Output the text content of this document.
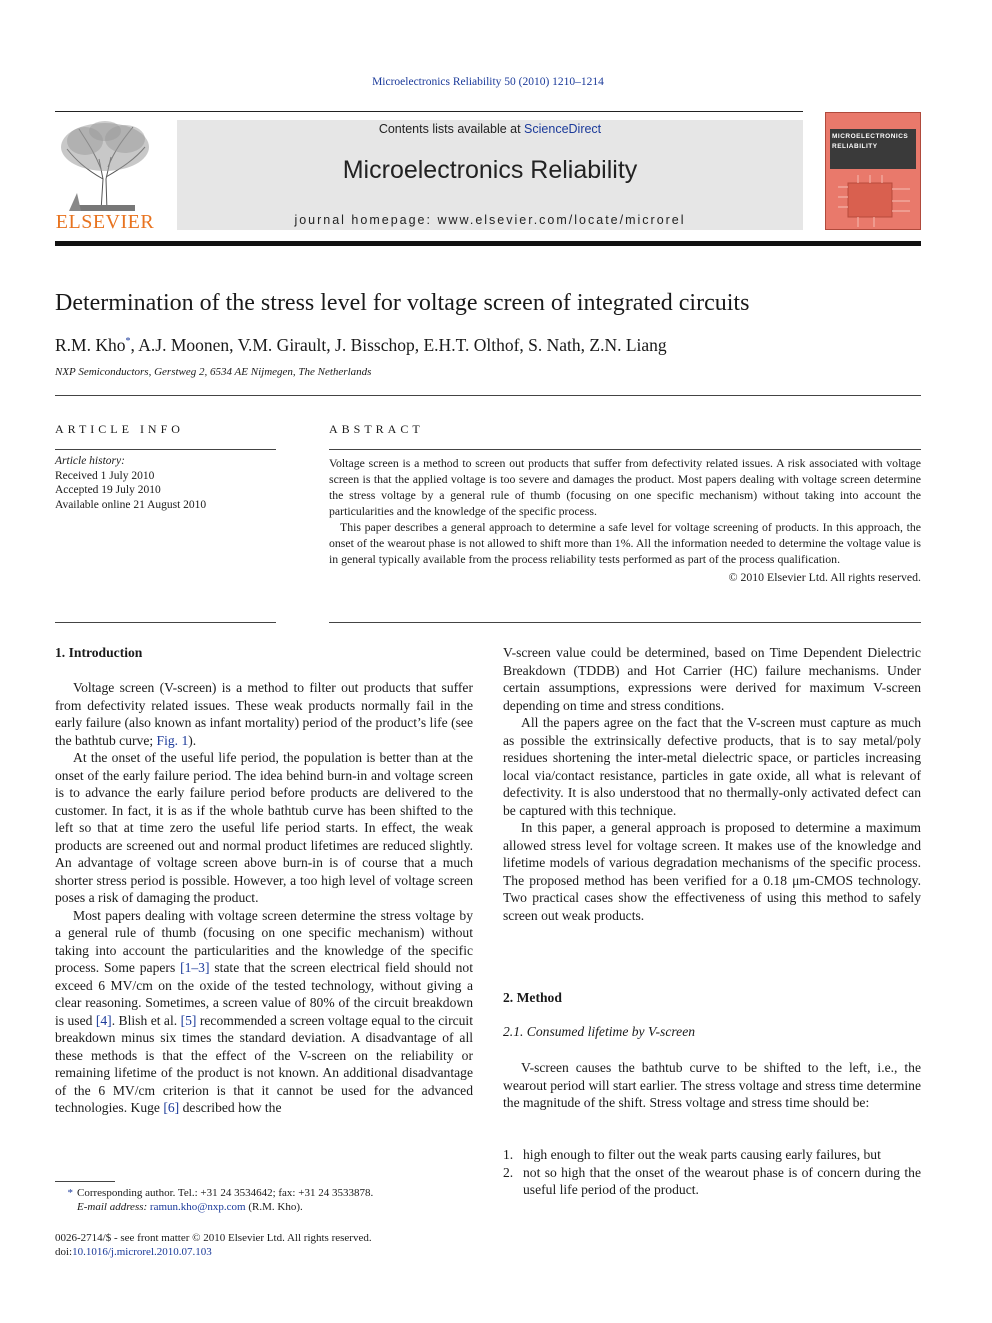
Microelectronics Reliability 50 (2010) 1210–1214
ELSEVIER
Contents lists available at ScienceDirect
Microelectronics Reliability
journal homepage: www.elsevier.com/locate/microrel
MICROELECTRONICS
RELIABILITY
Determination of the stress level for voltage screen of integrated circuits
R.M. Kho*, A.J. Moonen, V.M. Girault, J. Bisschop, E.H.T. Olthof, S. Nath, Z.N. Liang
NXP Semiconductors, Gerstweg 2, 6534 AE Nijmegen, The Netherlands
ARTICLE INFO	ABSTRACT
Article history:
Received 1 July 2010
Accepted 19 July 2010
Available online 21 August 2010

Voltage screen is a method to screen out products that suffer from defectivity related issues. A risk associated with voltage screen is that the applied voltage is too severe and damages the product. Most papers dealing with voltage screen determine the stress voltage by a general rule of thumb (focusing on one specific mechanism) without taking into account the particularities and the knowledge of the specific process.

This paper describes a general approach to determine a safe level for voltage screening of products. In this approach, the onset of the wearout phase is not allowed to shift more than 1%. All the information needed to determine the voltage value is in general typically available from the process reliability tests performed as part of the process qualification.

© 2010 Elsevier Ltd. All rights reserved.
1. Introduction

Voltage screen (V-screen) is a method to filter out products that suffer from defectivity related issues. These weak products normally fail in the early failure (also known as infant mortality) period of the product’s life (see the bathtub curve; Fig. 1).

At the onset of the useful life period, the population is better than at the onset of the early failure period. The idea behind burn-in and voltage screen is to advance the early failure period before products are delivered to the customer. In fact, it is as if the whole bathtub curve has been shifted to the left so that at time zero the useful life period starts. In effect, the weak products are screened out and normal product lifetimes are reduced slightly. An advantage of voltage screen above burn-in is of course that a much shorter stress period is possible. However, a too high level of voltage screen poses a risk of damaging the product.

Most papers dealing with voltage screen determine the stress voltage by a general rule of thumb (focusing on one specific mechanism) without taking into account the particularities and the knowledge of the specific process. Some papers [1–3] state that the screen electrical field should not exceed 6 MV/cm on the oxide of the tested technology, without giving a clear reasoning. Sometimes, a screen value of 80% of the circuit breakdown is used [4]. Blish et al. [5] recommended a screen voltage equal to the circuit breakdown minus six times the standard deviation. A disadvantage of all these methods is that the effect of the V-screen on the reliability or remaining lifetime of the product is not known. An additional disadvantage of the 6 MV/cm criterion is that it cannot be used for the advanced technologies. Kuge [6] described how the

V-screen value could be determined, based on Time Dependent Dielectric Breakdown (TDDB) and Hot Carrier (HC) failure mechanisms. Under certain assumptions, expressions were derived for maximum V-screen depending on time and stress conditions.

All the papers agree on the fact that the V-screen must capture as much as possible the extrinsically defective products, that is to say metal/poly residues shortening the inter-metal dielectric space, or particles increasing local via/contact resistance, particles in gate oxide, all what is relevant of defectivity. It is also understood that no thermally-only activated defect can be captured with this technique.

In this paper, a general approach is proposed to determine a maximum allowed stress level for voltage screen. It makes use of the knowledge and lifetime models of various degradation mechanisms of the specific process. The proposed method has been verified for a 0.18 μm-CMOS technology. Two practical cases show the effectiveness of using this method to safely screen out weak products.

2. Method
2.1. Consumed lifetime by V-screen

V-screen causes the bathtub curve to be shifted to the left, i.e., the wearout period will start earlier. The stress voltage and stress time determine the magnitude of the shift. Stress voltage and stress time should be:

1. high enough to filter out the weak parts causing early failures, but
2. not so high that the onset of the wearout phase is of concern during the useful life period of the product.
* Corresponding author. Tel.: +31 24 3534642; fax: +31 24 3533878.
E-mail address: ramun.kho@nxp.com (R.M. Kho).
0026-2714/$ - see front matter © 2010 Elsevier Ltd. All rights reserved.
doi:10.1016/j.microrel.2010.07.103
